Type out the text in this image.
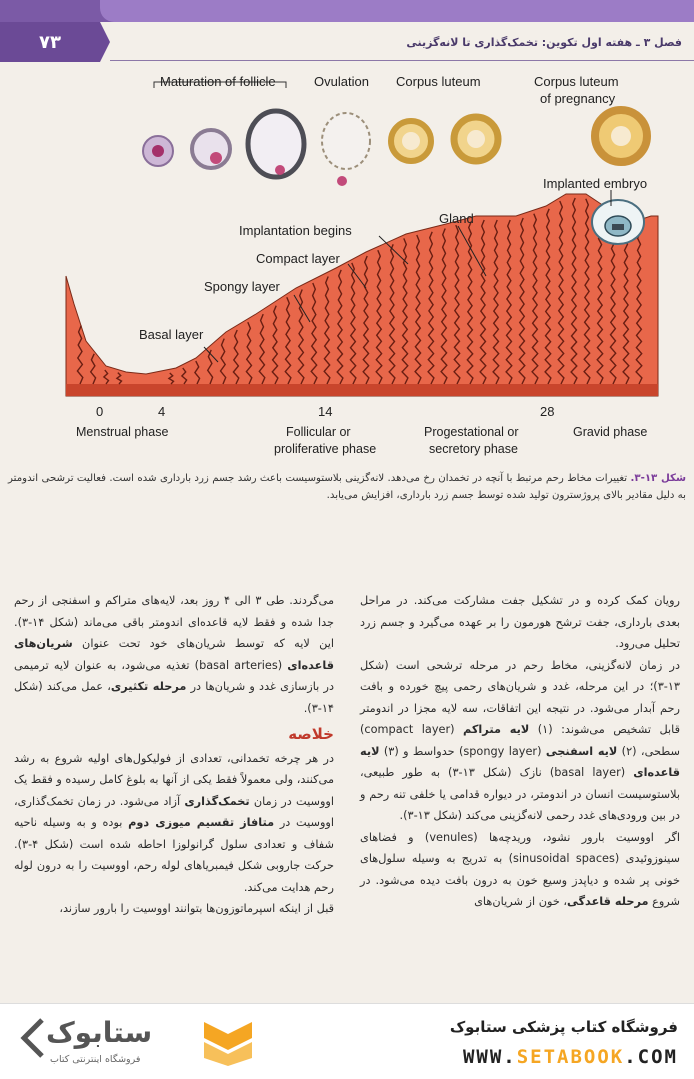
۷۳	فصل ۳ ـ هفته اول تکوین: تخمک‌گذاری تا لانه‌گزینی
Maturation of follicle	Ovulation Corpus luteum	Corpus luteum
of pregnancy
Implanted embryo
Gland
Implantation begins
Compact layer
Spongy layer
Basal layer
0	4	14	28
Menstrual phase	Follicular or
proliferative phase
Progestational or
secretory phase
Gravid phase
شکل ۱۳-۳. تغییرات مخاط رحم مرتبط با آنچه در تخمدان رخ می‌دهد. لانه‌گزینی بلاستوسیست باعث رشد جسم زرد بارداری شده است. فعالیت ترشحی اندومتر به دلیل مقادیر بالای پروژسترون تولید شده توسط جسم زرد بارداری، افزایش می‌یابد.

رویان کمک کرده و در تشکیل جفت مشارکت می‌کند. در مراحل بعدی بارداری، جفت ترشح هورمون را بر عهده می‌گیرد و جسم زرد تحلیل می‌رود.

در زمان لانه‌گزینی، مخاط رحم در مرحله ترشحی است (شکل ۱۳-۳)؛ در این مرحله، غدد و شریان‌های رحمی پیچ خورده و بافت رحم آبدار می‌شود. در نتیجه این اتفاقات، سه لایه مجزا در اندومتر قابل تشخیص می‌شوند: (۱) لایه متراکم (compact layer) سطحی، (۲) لایه اسفنجی (spongy layer) حدواسط و (۳) لایه قاعده‌ای (basal layer) نازک (شکل ۱۳-۳) به طور طبیعی، بلاستوسیست انسان در اندومتر، در دیواره قدامی یا خلفی تنه رحم و در بین ورودی‌های غدد رحمی لانه‌گزینی می‌کند (شکل ۱۳-۳).

اگر اووسیت بارور نشود، وریدچه‌ها (venules) و فضاهای سینوزوئیدی (sinusoidal spaces) به تدریج به وسیله سلول‌های خونی پر شده و دیاپدز وسیع خون به درون بافت دیده می‌شود. در شروع مرحله قاعدگی، خون از شریان‌های

می‌گردند. طی ۳ الی ۴ روز بعد، لایه‌های متراکم و اسفنجی از رحم جدا شده و فقط لایه قاعده‌ای اندومتر باقی می‌ماند (شکل ۱۴-۳). این لایه که توسط شریان‌های خود تحت عنوان شریان‌های قاعده‌ای (basal arteries) تغذیه می‌شود، به عنوان لایه ترمیمی در بازسازی غدد و شریان‌ها در مرحله تکثیری، عمل می‌کند (شکل ۱۴-۳).

خلاصه

در هر چرخه تخمدانی، تعدادی از فولیکول‌های اولیه شروع به رشد می‌کنند، ولی معمولاً فقط یکی از آنها به بلوغ کامل رسیده و فقط یک اووسیت در زمان تخمک‌گذاری آزاد می‌شود. در زمان تخمک‌گذاری، اووسیت در متافاز تقسیم میوزی دوم بوده و به وسیله ناحیه شفاف و تعدادی سلول گرانولوزا احاطه شده است (شکل ۴-۳). حرکت جاروبی شکل فیمبریاهای لوله رحم، اووسیت را به درون لوله رحم هدایت می‌کند.

قبل از اینکه اسپرماتوزون‌ها بتوانند اووسیت را بارور سازند،

ستابوک
فروشگاه اینترنتی کتاب
فروشگاه کتاب پزشکی ستابوک
WWW.SETABOOK.COM
